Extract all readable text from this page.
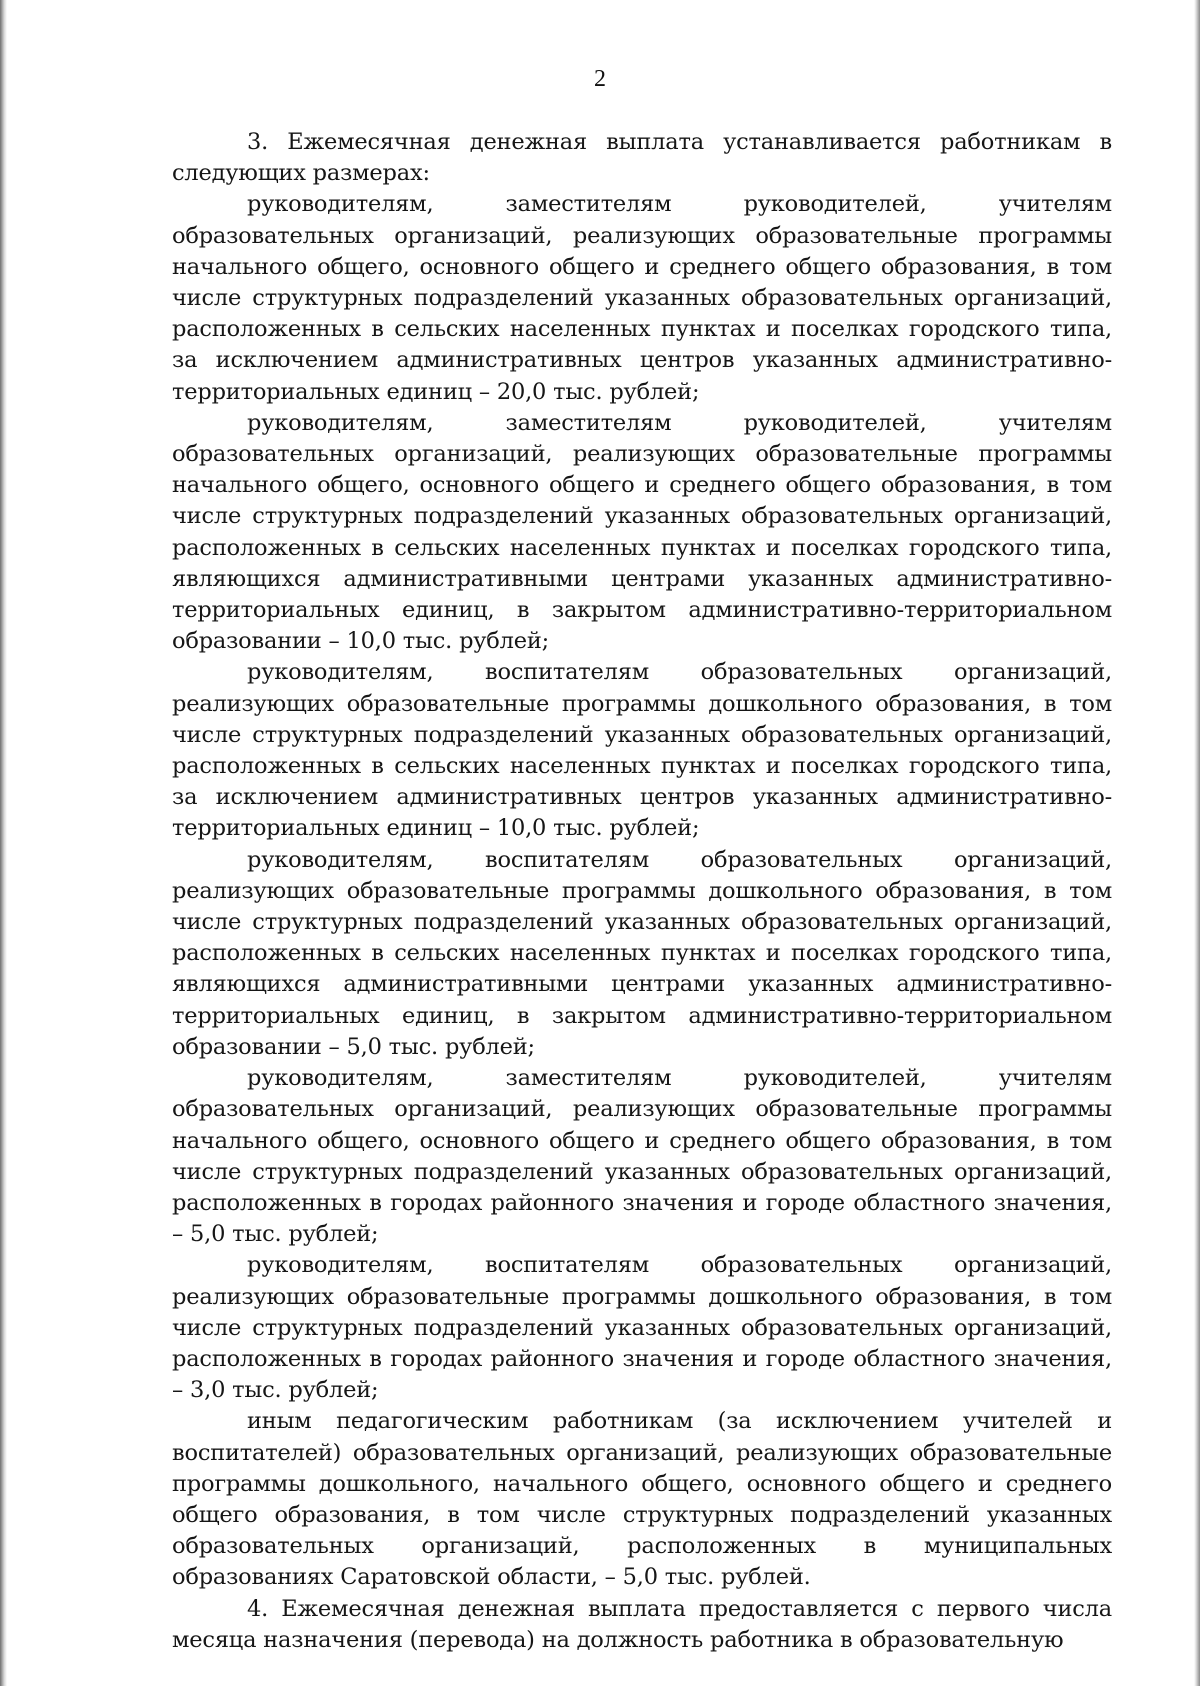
2

3. Ежемесячная денежная выплата устанавливается работникам в следующих размерах:

руководителям, заместителям руководителей, учителям образовательных организаций, реализующих образовательные программы начального общего, основного общего и среднего общего образования, в том числе структурных подразделений указанных образовательных организаций, расположенных в сельских населенных пунктах и поселках городского типа, за исключением административных центров указанных административно-территориальных единиц – 20,0 тыс. рублей;

руководителям, заместителям руководителей, учителям образовательных организаций, реализующих образовательные программы начального общего, основного общего и среднего общего образования, в том числе структурных подразделений указанных образовательных организаций, расположенных в сельских населенных пунктах и поселках городского типа, являющихся административными центрами указанных административно-территориальных единиц, в закрытом административно-территориальном образовании – 10,0 тыс. рублей;

руководителям, воспитателям образовательных организаций, реализующих образовательные программы дошкольного образования, в том числе структурных подразделений указанных образовательных организаций, расположенных в сельских населенных пунктах и поселках городского типа, за исключением административных центров указанных административно-территориальных единиц – 10,0 тыс. рублей;

руководителям, воспитателям образовательных организаций, реализующих образовательные программы дошкольного образования, в том числе структурных подразделений указанных образовательных организаций, расположенных в сельских населенных пунктах и поселках городского типа, являющихся административными центрами указанных административно-территориальных единиц, в закрытом административно-территориальном образовании – 5,0 тыс. рублей;

руководителям, заместителям руководителей, учителям образовательных организаций, реализующих образовательные программы начального общего, основного общего и среднего общего образования, в том числе структурных подразделений указанных образовательных организаций, расположенных в городах районного значения и городе областного значения, – 5,0 тыс. рублей;

руководителям, воспитателям образовательных организаций, реализующих образовательные программы дошкольного образования, в том числе структурных подразделений указанных образовательных организаций, расположенных в городах районного значения и городе областного значения, – 3,0 тыс. рублей;

иным педагогическим работникам (за исключением учителей и воспитателей) образовательных организаций, реализующих образовательные программы дошкольного, начального общего, основного общего и среднего общего образования, в том числе структурных подразделений указанных образовательных организаций, расположенных в муниципальных образованиях Саратовской области, – 5,0 тыс. рублей.

4. Ежемесячная денежная выплата предоставляется с первого числа месяца назначения (перевода) на должность работника в образовательную
